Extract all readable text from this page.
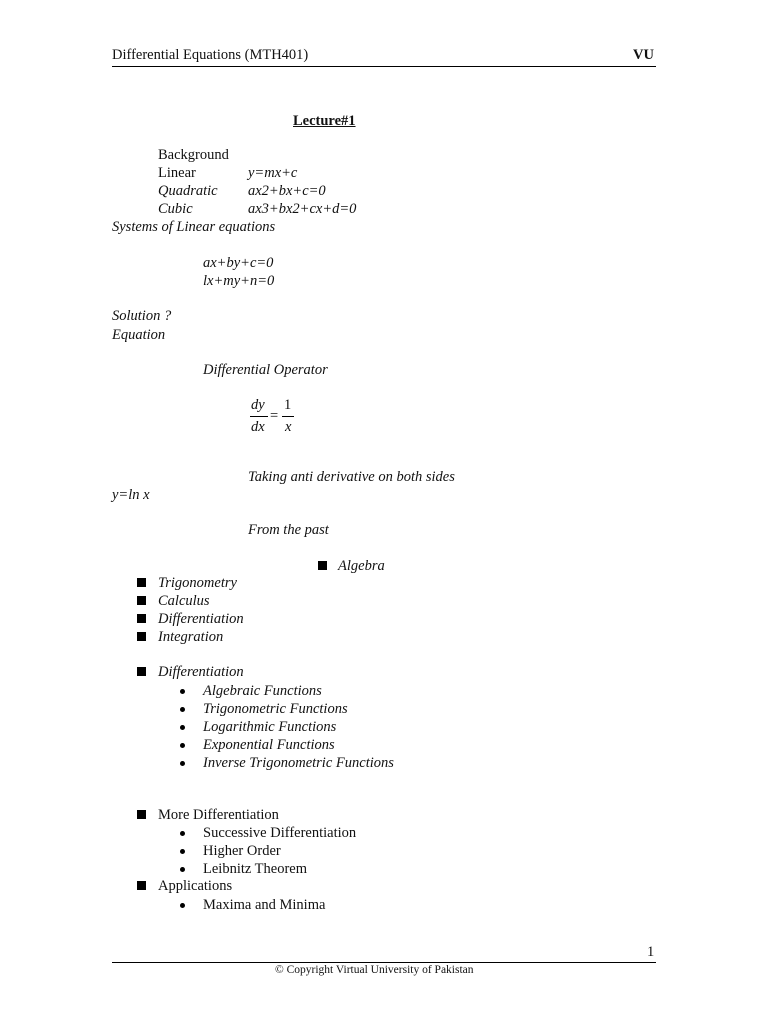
Differential Equations (MTH401)	VU
Lecture#1
Background
Linear	y=mx+c
Quadratic ax2+bx+c=0
Cubic	ax3+bx2+cx+d=0
Systems of Linear equations
ax+by+c=0
lx+my+n=0
Solution ?
Equation
Differential Operator
dy
dx
=
1
x
Taking anti derivative on both sides
y=ln x
From the past
Algebra
Trigonometry
Calculus
Differentiation
Integration
Differentiation
Algebraic Functions
Trigonometric Functions
Logarithmic Functions
Exponential Functions
Inverse Trigonometric Functions
More Differentiation
Successive Differentiation
Higher Order
Leibnitz Theorem
Applications
Maxima and Minima
1
© Copyright Virtual University of Pakistan
